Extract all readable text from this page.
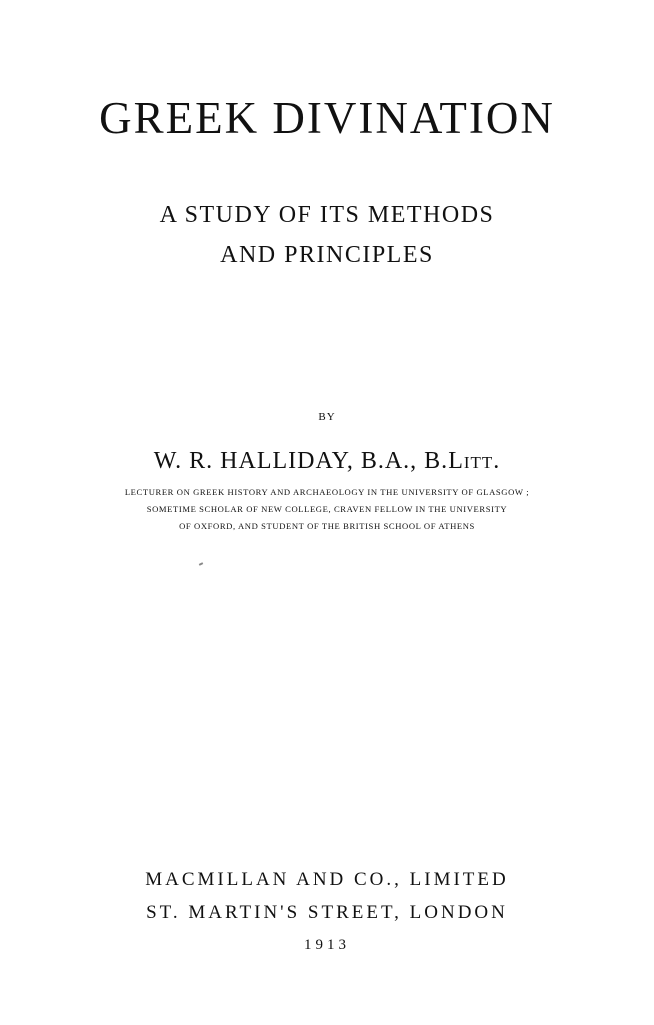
GREEK DIVINATION
A STUDY OF ITS METHODS
AND PRINCIPLES
BY
W. R. HALLIDAY, B.A., B.Litt.
LECTURER ON GREEK HISTORY AND ARCHAEOLOGY IN THE UNIVERSITY OF GLASGOW ;
SOMETIME SCHOLAR OF NEW COLLEGE, CRAVEN FELLOW IN THE UNIVERSITY
OF OXFORD, AND STUDENT OF THE BRITISH SCHOOL OF ATHENS
MACMILLAN AND CO., LIMITED
ST. MARTIN'S STREET, LONDON
1913
